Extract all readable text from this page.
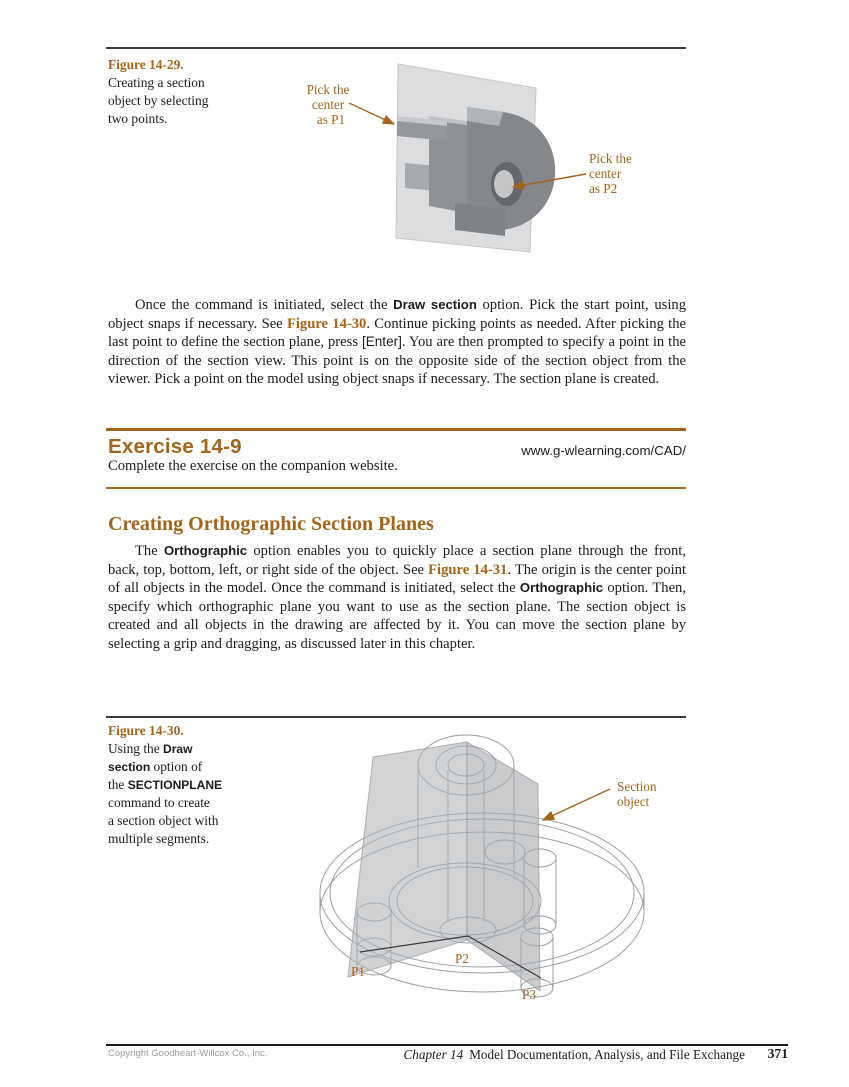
Figure 14-29.
Creating a section
object by selecting
two points.
Pick the
center
as P1
Pick the
center
as P2

Once the command is initiated, select the Draw section option. Pick the start point, using object snaps if necessary. See Figure 14-30. Continue picking points as needed. After picking the last point to define the section plane, press [Enter]. You are then prompted to specify a point in the direction of the section view. This point is on the opposite side of the section object from the viewer. Pick a point on the model using object snaps if necessary. The section plane is created.

Exercise 14-9	www.g-wlearning.com/CAD/
Complete the exercise on the companion website.
Creating Orthographic Section Planes

The Orthographic option enables you to quickly place a section plane through the front, back, top, bottom, left, or right side of the object. See Figure 14-31. The origin is the center point of all objects in the model. Once the command is initiated, select the Orthographic option. Then, specify which orthographic plane you want to use as the section plane. The section object is created and all objects in the drawing are affected by it. You can move the section plane by selecting a grip and dragging, as discussed later in this chapter.

Figure 14-30.
Using the Draw
section option of
the SECTIONPLANE
command to create
a section object with
multiple segments.
P1
P2
P3
Section
object
Copyright Goodheart-Willcox Co., Inc.	Chapter 14 Model Documentation, Analysis, and File Exchange 371
